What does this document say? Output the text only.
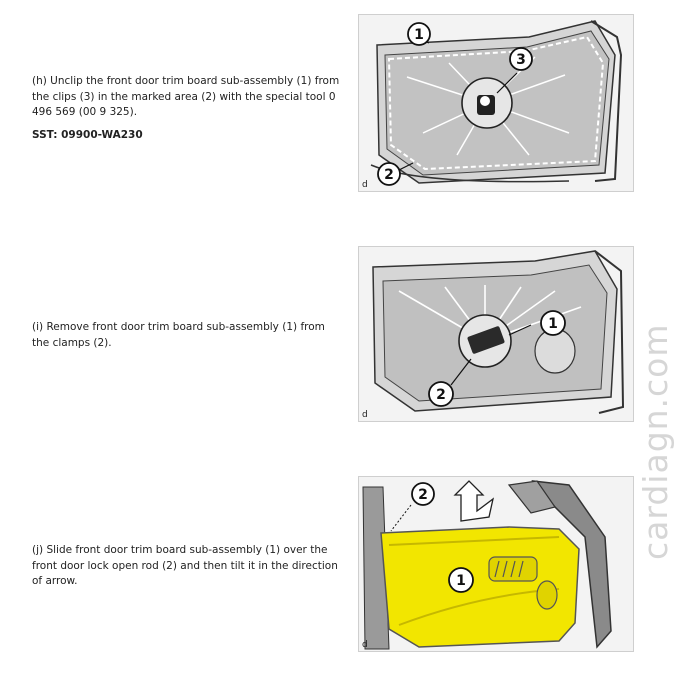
(h) Unclip the front door trim board sub-assembly (1) from the clips (3) in the marked area (2) with the special tool 0 496 569 (00 9 325).
SST: 09900-WA230
1
3
2
d
(i) Remove front door trim board sub-assembly (1) from the clamps (2).
1
2
d
(j) Slide front door trim board sub-assembly (1) over the front door lock open rod (2) and then tilt it in the direction of arrow.
2
1
d
cardiagn.com
